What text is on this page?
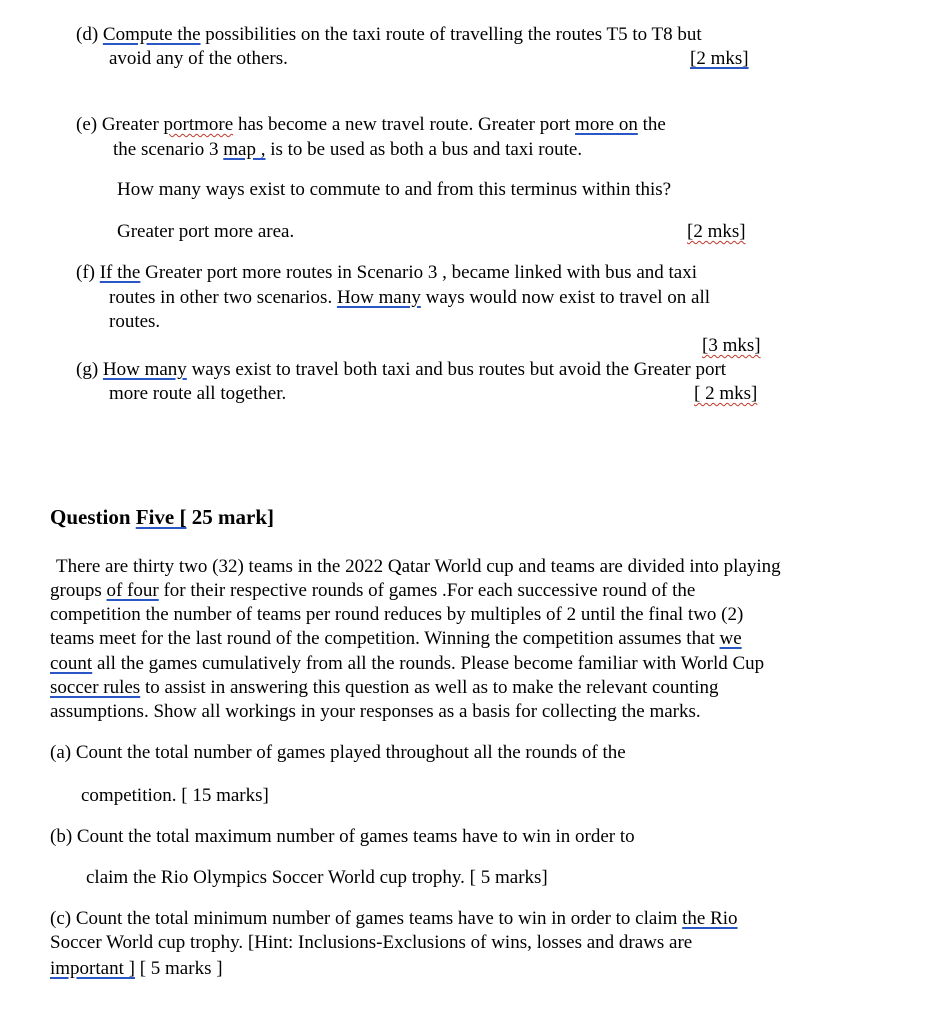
(d) Compute the possibilities on the taxi route of travelling the routes T5 to T8 but
avoid any of the others.	[2 mks]
(e) Greater portmore has become a new travel route. Greater port more on the
the scenario 3 map , is to be used as both a bus and taxi route.
How many ways exist to commute to and from this terminus within this?
Greater port more area.	[2 mks]
(f) If the Greater port more routes in Scenario 3 , became linked with bus and taxi
routes in other two scenarios. How many ways would now exist to travel on all
routes.
[3 mks]
(g) How many ways exist to travel both taxi and bus routes but avoid the Greater port
more route all together.	[ 2 mks]
Question Five [ 25 mark]
There are thirty two (32) teams in the 2022 Qatar World cup and teams are divided into playing
groups of four for their respective rounds of games .For each successive round of the
competition the number of teams per round reduces by multiples of 2 until the final two (2)
teams meet for the last round of the competition. Winning the competition assumes that we
count all the games cumulatively from all the rounds. Please become familiar with World Cup
soccer rules to assist in answering this question as well as to make the relevant counting
assumptions. Show all workings in your responses as a basis for collecting the marks.
(a) Count the total number of games played throughout all the rounds of the
competition. [ 15 marks]
(b) Count the total maximum number of games teams have to win in order to
claim the Rio Olympics Soccer World cup trophy. [ 5 marks]
(c) Count the total minimum number of games teams have to win in order to claim the Rio
Soccer World cup trophy. [Hint: Inclusions-Exclusions of wins, losses and draws are
important ] [ 5 marks ]
